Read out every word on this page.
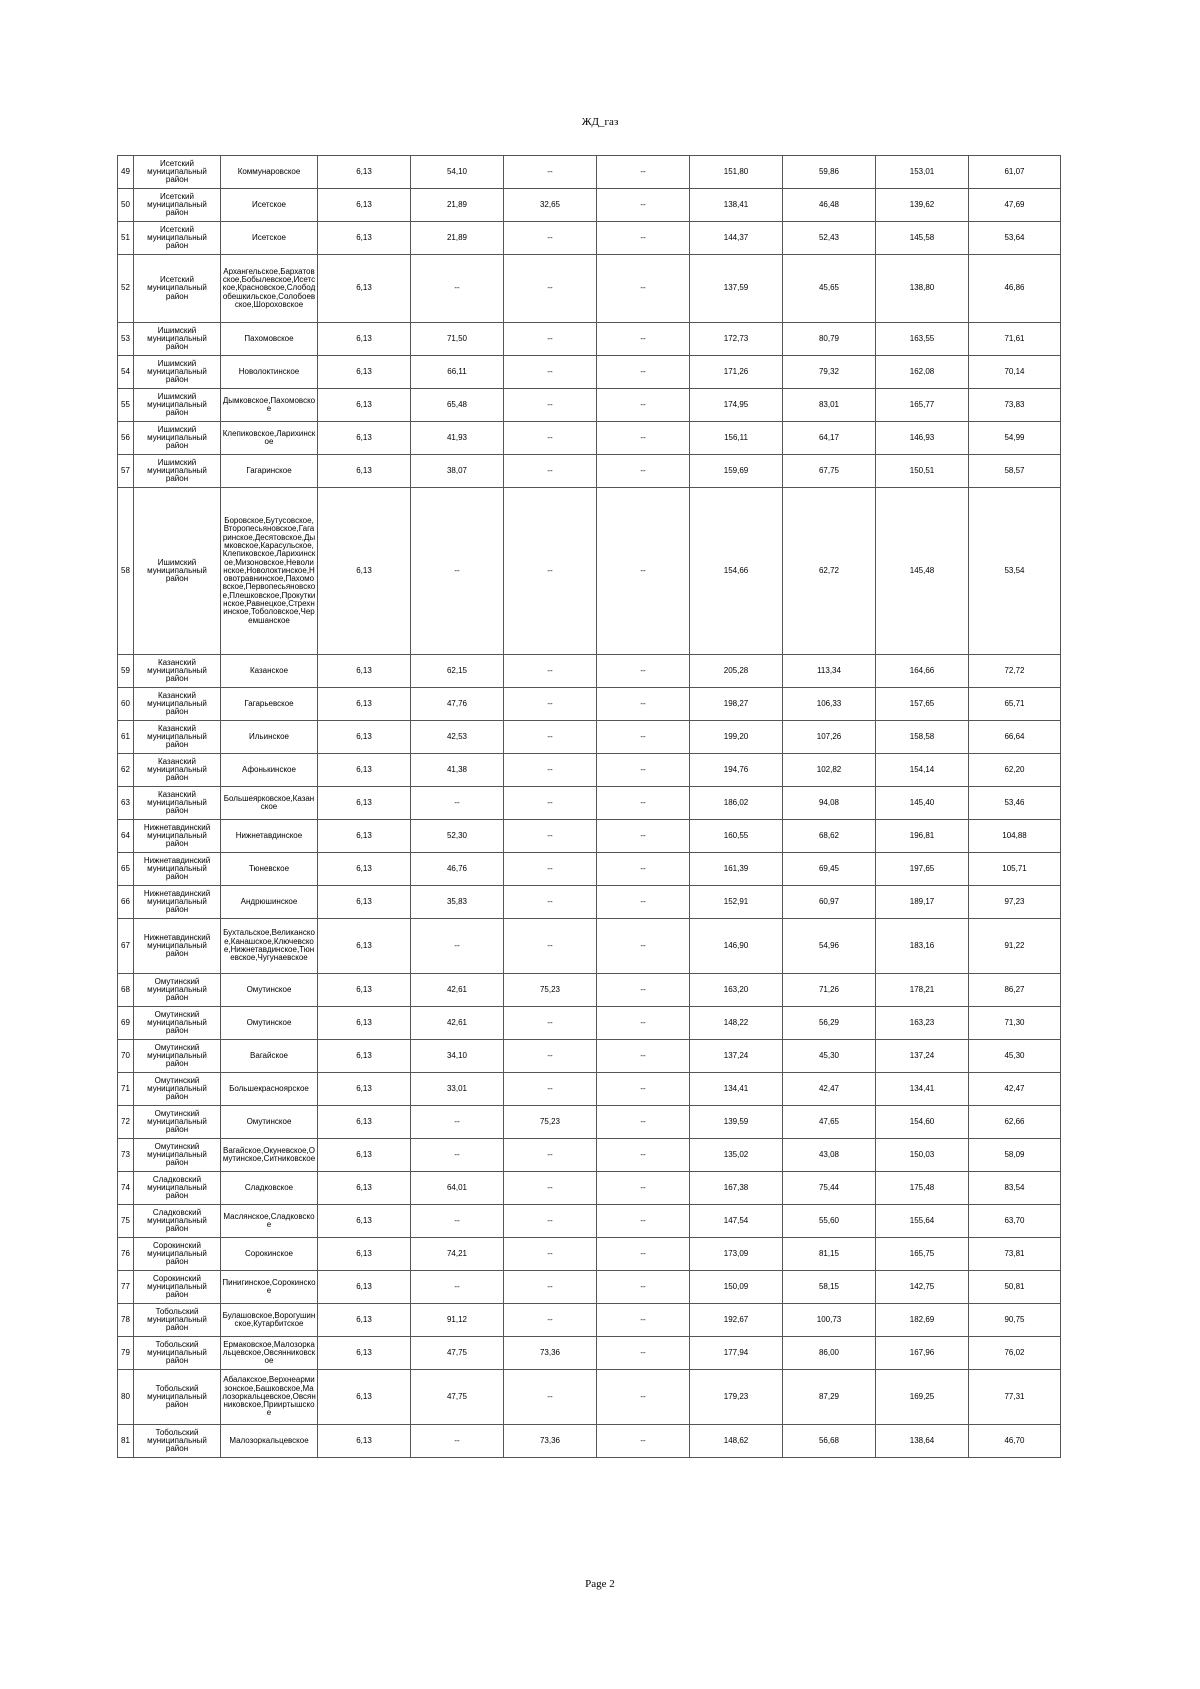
ЖД_газ
49	Исетский муниципальный район	Коммунаровское	6,13	54,10	--	--	151,80	59,86	153,01	61,07
50	Исетский муниципальный район	Исетское	6,13	21,89	32,65	--	138,41	46,48	139,62	47,69
51	Исетский муниципальный район	Исетское	6,13	21,89	--	--	144,37	52,43	145,58	53,64
52	Исетский муниципальный район	Архангельское,Бархатовское,Бобылевское,Исетское,Красновское,Слободобешкильское,Солобоевское,Шороховское	6,13	--	--	--	137,59	45,65	138,80	46,86
53	Ишимский муниципальный район	Пахомовское	6,13	71,50	--	--	172,73	80,79	163,55	71,61
54	Ишимский муниципальный район	Новолоктинское	6,13	66,11	--	--	171,26	79,32	162,08	70,14
55	Ишимский муниципальный район	Дымковское,Пахомовское	6,13	65,48	--	--	174,95	83,01	165,77	73,83
56	Ишимский муниципальный район	Клепиковское,Ларихинское	6,13	41,93	--	--	156,11	64,17	146,93	54,99
57	Ишимский муниципальный район	Гагаринское	6,13	38,07	--	--	159,69	67,75	150,51	58,57
58	Ишимский муниципальный район	Боровское,Бутусовское,Второпесьяновское,Гагаринское,Десятовское,Дымковское,Карасульское,Клепиковское,Ларихинское,Мизоновское,Неволинское,Новолоктинское,Новотравнинское,Пахомовское,Первопесьяновское,Плешковское,Прокуткинское,Равнецкое,Стрехнинское,Тоболовское,Черемшанское	6,13	--	--	--	154,66	62,72	145,48	53,54
59	Казанский муниципальный район	Казанское	6,13	62,15	--	--	205,28	113,34	164,66	72,72
60	Казанский муниципальный район	Гагарьевское	6,13	47,76	--	--	198,27	106,33	157,65	65,71
61	Казанский муниципальный район	Ильинское	6,13	42,53	--	--	199,20	107,26	158,58	66,64
62	Казанский муниципальный район	Афонькинское	6,13	41,38	--	--	194,76	102,82	154,14	62,20
63	Казанский муниципальный район	Большеярковское,Казанское	6,13	--	--	--	186,02	94,08	145,40	53,46
64	Нижнетавдинский муниципальный район	Нижнетавдинское	6,13	52,30	--	--	160,55	68,62	196,81	104,88
65	Нижнетавдинский муниципальный район	Тюневское	6,13	46,76	--	--	161,39	69,45	197,65	105,71
66	Нижнетавдинский муниципальный район	Андрюшинское	6,13	35,83	--	--	152,91	60,97	189,17	97,23
67	Нижнетавдинский муниципальный район	Бухтальское,Великанское,Канашское,Ключевское,Нижнетавдинское,Тюневское,Чугунаевское	6,13	--	--	--	146,90	54,96	183,16	91,22
68	Омутинский муниципальный район	Омутинское	6,13	42,61	75,23	--	163,20	71,26	178,21	86,27
69	Омутинский муниципальный район	Омутинское	6,13	42,61	--	--	148,22	56,29	163,23	71,30
70	Омутинский муниципальный район	Вагайское	6,13	34,10	--	--	137,24	45,30	137,24	45,30
71	Омутинский муниципальный район	Большекрасноярское	6,13	33,01	--	--	134,41	42,47	134,41	42,47
72	Омутинский муниципальный район	Омутинское	6,13	--	75,23	--	139,59	47,65	154,60	62,66
73	Омутинский муниципальный район	Вагайское,Окуневское,Омутинское,Ситниковское	6,13	--	--	--	135,02	43,08	150,03	58,09
74	Сладковский муниципальный район	Сладковское	6,13	64,01	--	--	167,38	75,44	175,48	83,54
75	Сладковский муниципальный район	Маслянское,Сладковское	6,13	--	--	--	147,54	55,60	155,64	63,70
76	Сорокинский муниципальный район	Сорокинское	6,13	74,21	--	--	173,09	81,15	165,75	73,81
77	Сорокинский муниципальный район	Пинигинское,Сорокинское	6,13	--	--	--	150,09	58,15	142,75	50,81
78	Тобольский муниципальный район	Булашовское,Ворогушинское,Кутарбитское	6,13	91,12	--	--	192,67	100,73	182,69	90,75
79	Тобольский муниципальный район	Ермаковское,Малозоркальцевское,Овсянниковское	6,13	47,75	73,36	--	177,94	86,00	167,96	76,02
80	Тобольский муниципальный район	Абалакское,Верхнеармизонское,Башковское,Малозоркальцевское,Овсянниковское,Прииртышское	6,13	47,75	--	--	179,23	87,29	169,25	77,31
81	Тобольский муниципальный район	Малозоркальцевское	6,13	--	73,36	--	148,62	56,68	138,64	46,70
Page 2
